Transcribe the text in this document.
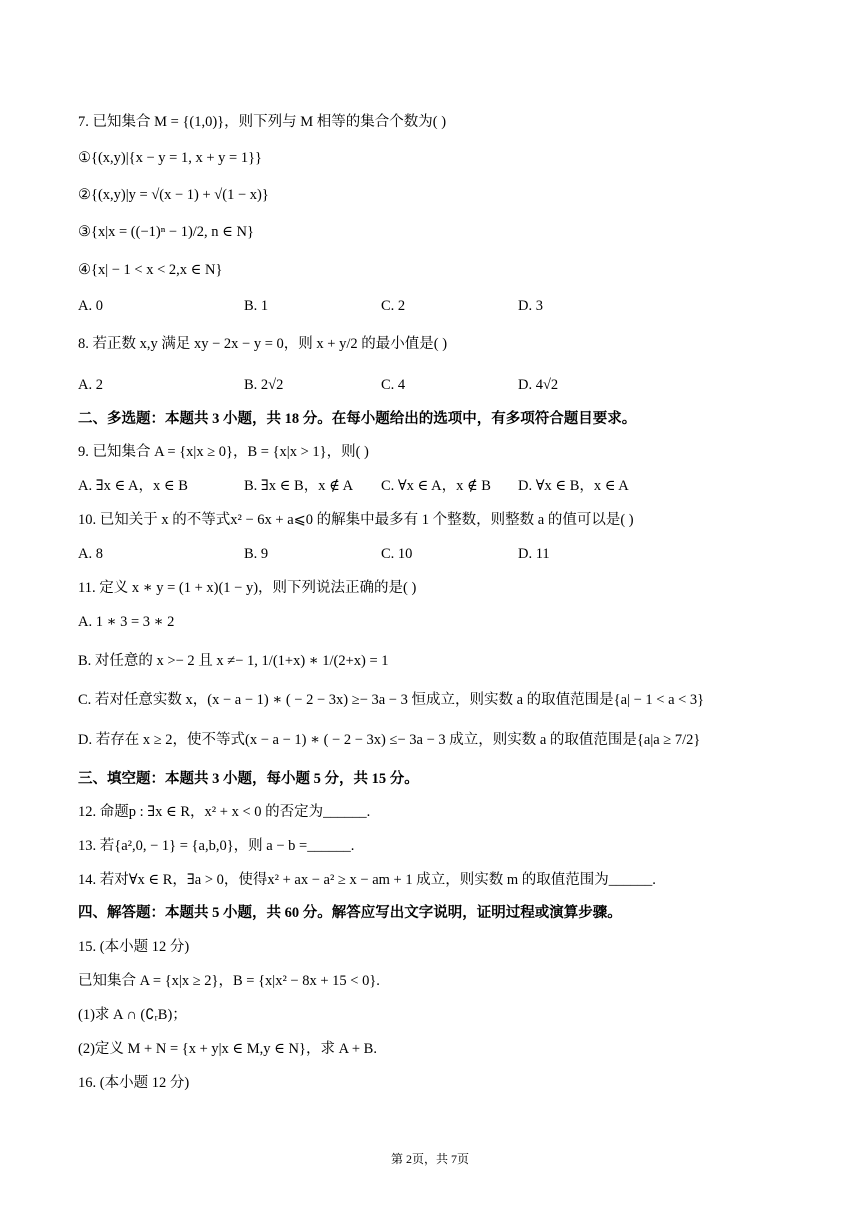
7. 已知集合 M = {(1,0)}，则下列与 M 相等的集合个数为( )
①{(x,y)|{x − y = 1, x + y = 1}}
②{(x,y)|y = √(x − 1) + √(1 − x)}
③{x|x = ((−1)ⁿ − 1)/2, n ∈ N}
④{x| − 1 < x < 2,x ∈ N}
A. 0	B. 1	C. 2	D. 3
8. 若正数 x,y 满足 xy − 2x − y = 0，则 x + y/2 的最小值是( )
A. 2	B. 2√2	C. 4	D. 4√2
二、多选题：本题共 3 小题，共 18 分。在每小题给出的选项中，有多项符合题目要求。
9. 已知集合 A = {x|x ≥ 0}，B = {x|x > 1}，则( )
A. ∃x ∈ A，x ∈ B	B. ∃x ∈ B，x ∉ A C. ∀x ∈ A，x ∉ B D. ∀x ∈ B，x ∈ A
10. 已知关于 x 的不等式x² − 6x + a⩽0 的解集中最多有 1 个整数，则整数 a 的值可以是( )
A. 8	B. 9	C. 10	D. 11
11. 定义 x ∗ y = (1 + x)(1 − y)，则下列说法正确的是( )
A. 1 ∗ 3 = 3 ∗ 2
B. 对任意的 x >− 2 且 x ≠− 1, 1/(1+x) ∗ 1/(2+x) = 1
C. 若对任意实数 x，(x − a − 1) ∗ ( − 2 − 3x) ≥− 3a − 3 恒成立，则实数 a 的取值范围是{a| − 1 < a < 3}
D. 若存在 x ≥ 2，使不等式(x − a − 1) ∗ ( − 2 − 3x) ≤− 3a − 3 成立，则实数 a 的取值范围是{a|a ≥ 7/2}
三、填空题：本题共 3 小题，每小题 5 分，共 15 分。
12. 命题p : ∃x ∈ R，x² + x < 0 的否定为______.
13. 若{a²,0, − 1} = {a,b,0}，则 a − b =______.
14. 若对∀x ∈ R，∃a > 0，使得x² + ax − a² ≥ x − am + 1 成立，则实数 m 的取值范围为______.
四、解答题：本题共 5 小题，共 60 分。解答应写出文字说明，证明过程或演算步骤。
15. (本小题 12 分)
已知集合 A = {x|x ≥ 2}，B = {x|x² − 8x + 15 < 0}.
(1)求 A ∩ (∁ᵣB)；
(2)定义 M + N = {x + y|x ∈ M,y ∈ N}，求 A + B.
16. (本小题 12 分)
第 2页，共 7页
